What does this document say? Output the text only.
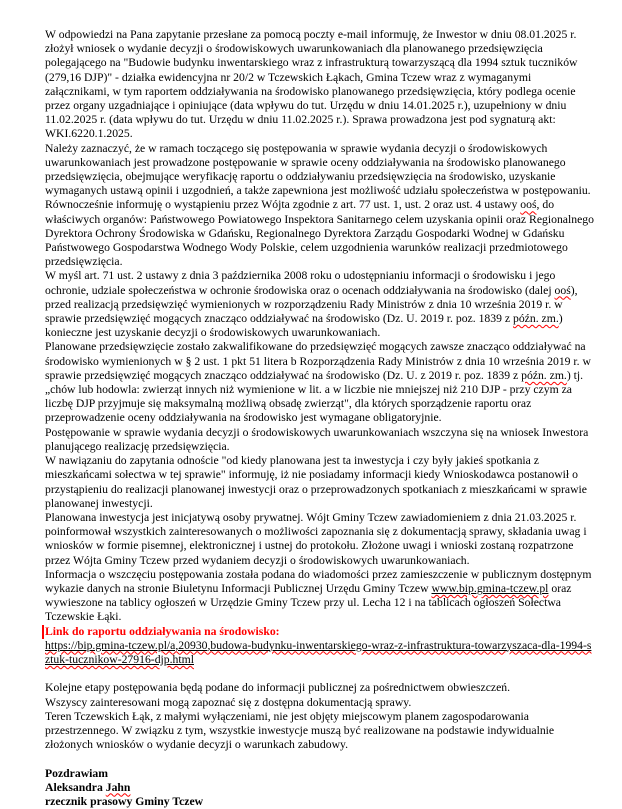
W odpowiedzi na Pana zapytanie przesłane za pomocą poczty e-mail informuję, że Inwestor w dniu 08.01.2025 r. złożył wniosek o wydanie decyzji o środowiskowych uwarunkowaniach dla planowanego przedsięwzięcia polegającego na "Budowie budynku inwentarskiego wraz z infrastrukturą towarzyszącą dla 1994 sztuk tuczników (279,16 DJP)" - działka ewidencyjna nr 20/2 w Tczewskich Łąkach, Gmina Tczew wraz z wymaganymi załącznikami, w tym raportem oddziaływania na środowisko planowanego przedsięwzięcia, który podlega ocenie przez organy uzgadniające i opiniujące (data wpływu do tut. Urzędu w dniu 14.01.2025 r.), uzupełniony w dniu 11.02.2025 r. (data wpływu do tut. Urzędu w dniu 11.02.2025 r.). Sprawa prowadzona jest pod sygnaturą akt: WKI.6220.1.2025.
Należy zaznaczyć, że w ramach toczącego się postępowania w sprawie wydania decyzji o środowiskowych uwarunkowaniach jest prowadzone postępowanie w sprawie oceny oddziaływania na środowisko planowanego przedsięwzięcia, obejmujące weryfikację raportu o oddziaływaniu przedsięwzięcia na środowisko, uzyskanie wymaganych ustawą opinii i uzgodnień, a także zapewniona jest możliwość udziału społeczeństwa w postępowaniu.
Równocześnie informuję o wystąpieniu przez Wójta zgodnie z art. 77 ust. 1, ust. 2 oraz ust. 4 ustawy ooś, do właściwych organów: Państwowego Powiatowego Inspektora Sanitarnego celem uzyskania opinii oraz Regionalnego Dyrektora Ochrony Środowiska w Gdańsku, Regionalnego Dyrektora Zarządu Gospodarki Wodnej w Gdańsku Państwowego Gospodarstwa Wodnego Wody Polskie, celem uzgodnienia warunków realizacji przedmiotowego przedsięwzięcia.
W myśl art. 71 ust. 2 ustawy z dnia 3 października 2008 roku o udostępnianiu informacji o środowisku i jego ochronie, udziale społeczeństwa w ochronie środowiska oraz o ocenach oddziaływania na środowisko (dalej ooś), przed realizacją przedsięwzięć wymienionych w rozporządzeniu Rady Ministrów z dnia 10 września 2019 r. w sprawie przedsięwzięć mogących znacząco oddziaływać na środowisko (Dz. U. 2019 r. poz. 1839 z późn. zm.) konieczne jest uzyskanie decyzji o środowiskowych uwarunkowaniach.
Planowane przedsięwzięcie zostało zakwalifikowane do przedsięwzięć mogących zawsze znacząco oddziaływać na środowisko wymienionych w § 2 ust. 1 pkt 51 litera b Rozporządzenia Rady Ministrów z dnia 10 września 2019 r. w sprawie przedsięwzięć mogących znacząco oddziaływać na środowisko (Dz. U. z 2019 r. poz. 1839 z późn. zm.) tj. „chów lub hodowla: zwierząt innych niż wymienione w lit. a w liczbie nie mniejszej niż 210 DJP - przy czym za liczbę DJP przyjmuje się maksymalną możliwą obsadę zwierząt", dla których sporządzenie raportu oraz przeprowadzenie oceny oddziaływania na środowisko jest wymagane obligatoryjnie.
Postępowanie w sprawie wydania decyzji o środowiskowych uwarunkowaniach wszczyna się na wniosek Inwestora planującego realizację przedsięwzięcia.
W nawiązaniu do zapytania odnoście "od kiedy planowana jest ta inwestycja i czy były jakieś spotkania z mieszkańcami sołectwa w tej sprawie" informuję, iż nie posiadamy informacji kiedy Wnioskodawca postanowił o przystąpieniu do realizacji planowanej inwestycji oraz o przeprowadzonych spotkaniach z mieszkańcami w sprawie planowanej inwestycji.
Planowana inwestycja jest inicjatywą osoby prywatnej. Wójt Gminy Tczew zawiadomieniem z dnia 21.03.2025 r. poinformował wszystkich zainteresowanych o możliwości zapoznania się z dokumentacją sprawy, składania uwag i wniosków w formie pisemnej, elektronicznej i ustnej do protokołu. Złożone uwagi i wnioski zostaną rozpatrzone przez Wójta Gminy Tczew przed wydaniem decyzji o środowiskowych uwarunkowaniach.
Informacja o wszczęciu postępowania została podana do wiadomości przez zamieszczenie w publicznym dostępnym wykazie danych na stronie Biuletynu Informacji Publicznej Urzędu Gminy Tczew www.bip.gmina-tczew.pl oraz wywieszone na tablicy ogłoszeń w Urzędzie Gminy Tczew przy ul. Lecha 12 i na tablicach ogłoszeń Sołectwa Tczewskie Łąki.
Link do raportu oddziaływania na środowisko:
https://bip.gmina-tczew.pl/a,20930,budowa-budynku-inwentarskiego-wraz-z-infrastruktura-towarzyszaca-dla-1994-sztuk-tucznikow-27916-djp.html

Kolejne etapy postępowania będą podane do informacji publicznej za pośrednictwem obwieszczeń.
Wszyscy zainteresowani mogą zapoznać się z dostępna dokumentacją sprawy.
Teren Tczewskich Łąk, z małymi wyłączeniami, nie jest objęty miejscowym planem zagospodarowania przestrzennego. W związku z tym, wszystkie inwestycje muszą być realizowane na podstawie indywidualnie złożonych wniosków o wydanie decyzji o warunkach zabudowy.

Pozdrawiam
Aleksandra Jahn
rzecznik prasowy Gminy Tczew
